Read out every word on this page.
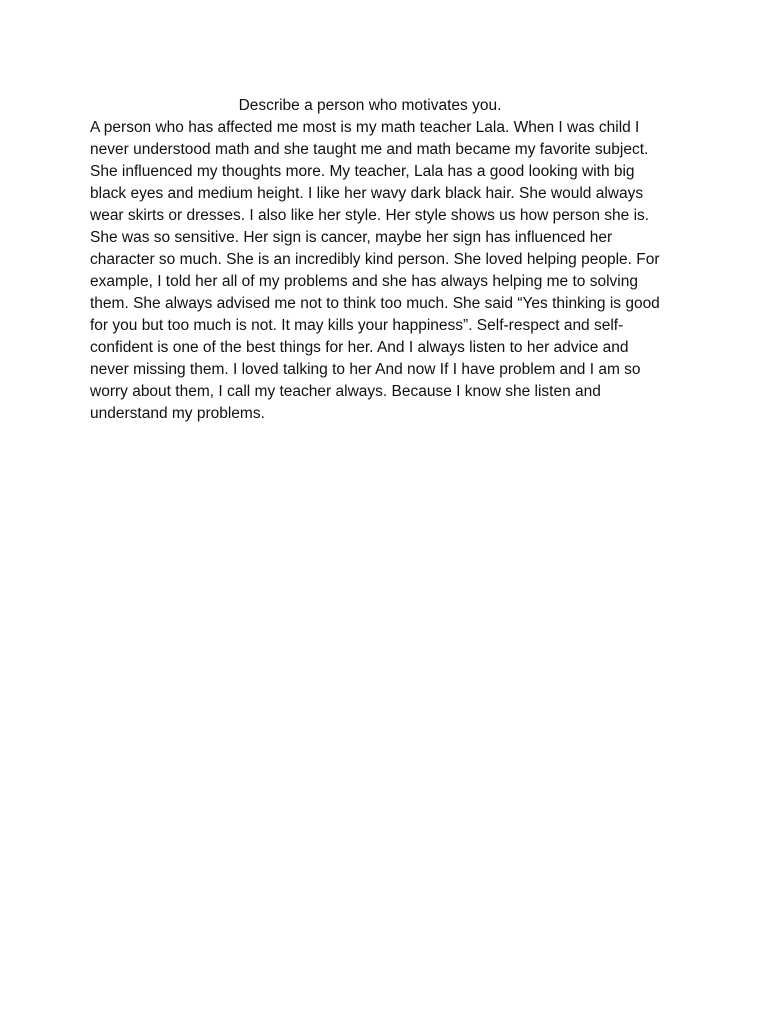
Describe a person who motivates you.
A person who has affected me most is my math teacher Lala. When I was child I
never understood math and she taught me and math became my favorite subject.
She influenced my thoughts more. My teacher, Lala has a good looking with big
black eyes and medium height. I like her wavy dark black hair. She would always
wear skirts or dresses. I also like her style. Her style shows us how person she is.
She was so sensitive. Her sign is cancer, maybe her sign has influenced her
character so much. She is an incredibly kind person. She loved helping people. For
example, I told her all of my problems and she has always helping me to solving
them. She always advised me not to think too much. She said “Yes thinking is good
for you but too much is not. It may kills your happiness”. Self-respect and self-
confident is one of the best things for her. And I always listen to her advice and
never missing them. I loved talking to her And now If I have problem and I am so
worry about them, I call my teacher always. Because I know she listen and
understand my problems.
